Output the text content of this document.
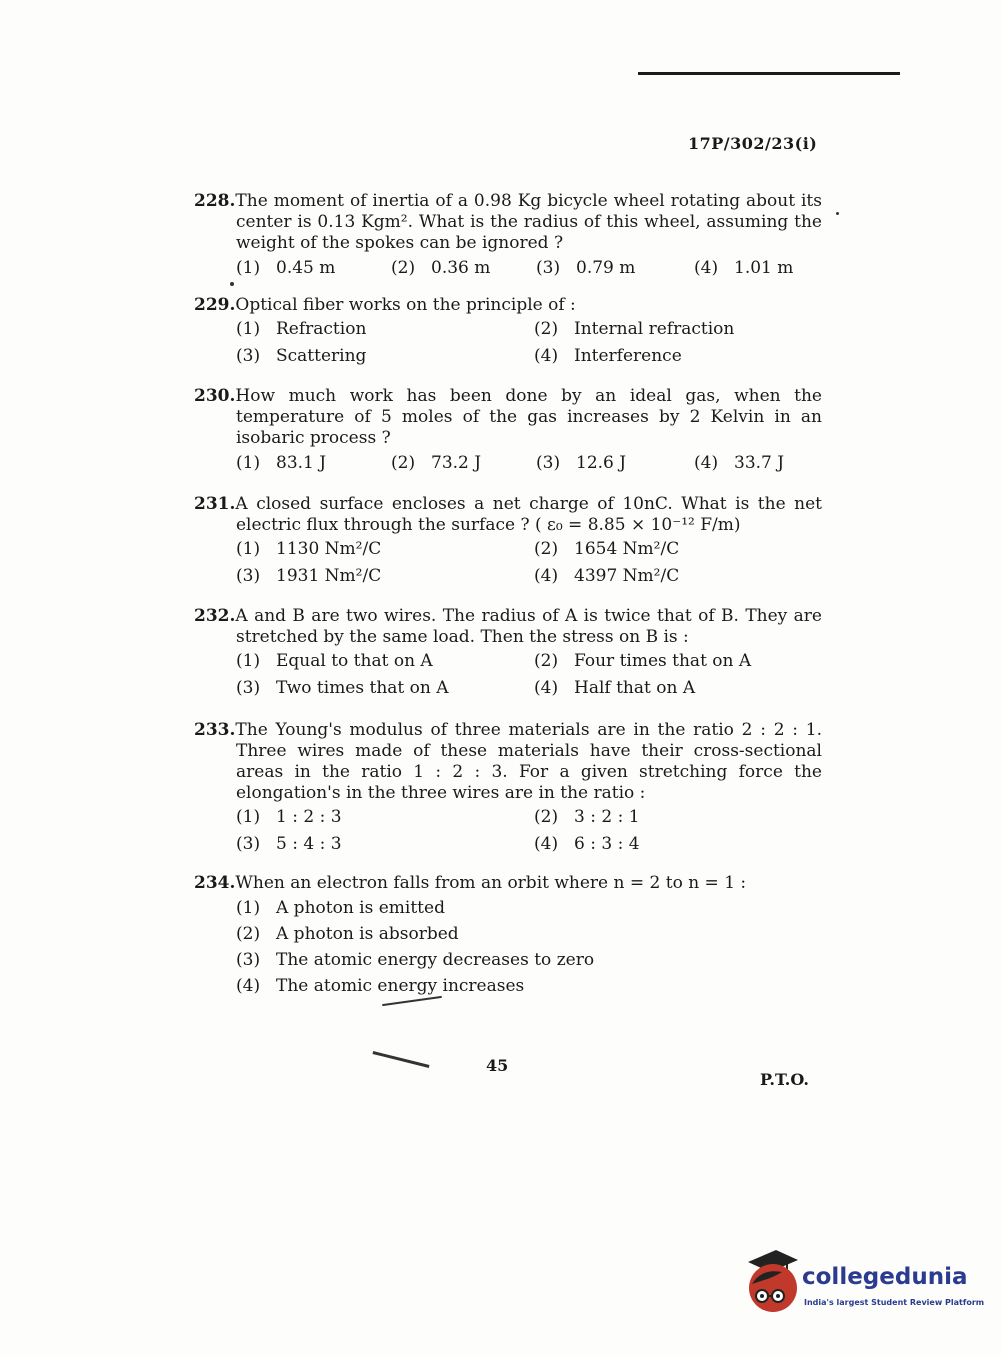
17P/302/23(i)
228.The moment of inertia of a 0.98 Kg bicycle wheel rotating about its center is 0.13 Kgm². What is the radius of this wheel, assuming the weight of the spokes can be ignored ?
(1) 0.45 m	(2) 0.36 m	(3) 0.79 m	(4) 1.01 m
229.Optical fiber works on the principle of :
(1) Refraction	(2) Internal refraction
(3) Scattering	(4) Interference
230.How much work has been done by an ideal gas, when the temperature of 5 moles of the gas increases by 2 Kelvin in an isobaric process ?
(1) 83.1 J	(2) 73.2 J	(3) 12.6 J	(4) 33.7 J
231.A closed surface encloses a net charge of 10nC. What is the net electric flux through the surface ? ( ε₀ = 8.85 × 10⁻¹² F/m)
(1) 1130 Nm²/C	(2) 1654 Nm²/C
(3) 1931 Nm²/C	(4) 4397 Nm²/C
232.A and B are two wires. The radius of A is twice that of B. They are stretched by the same load. Then the stress on B is :
(1) Equal to that on A	(2) Four times that on A
(3) Two times that on A	(4) Half that on A
233.The Young's modulus of three materials are in the ratio 2 : 2 : 1. Three wires made of these materials have their cross-sectional areas in the ratio 1 : 2 : 3. For a given stretching force the elongation's in the three wires are in the ratio :
(1) 1 : 2 : 3	(2) 3 : 2 : 1
(3) 5 : 4 : 3	(4) 6 : 3 : 4
234.When an electron falls from an orbit where n = 2 to n = 1 :
(1) A photon is emitted
(2) A photon is absorbed
(3) The atomic energy decreases to zero
(4) The atomic energy increases
45
P.T.O.
collegedunia
India's largest Student Review Platform
